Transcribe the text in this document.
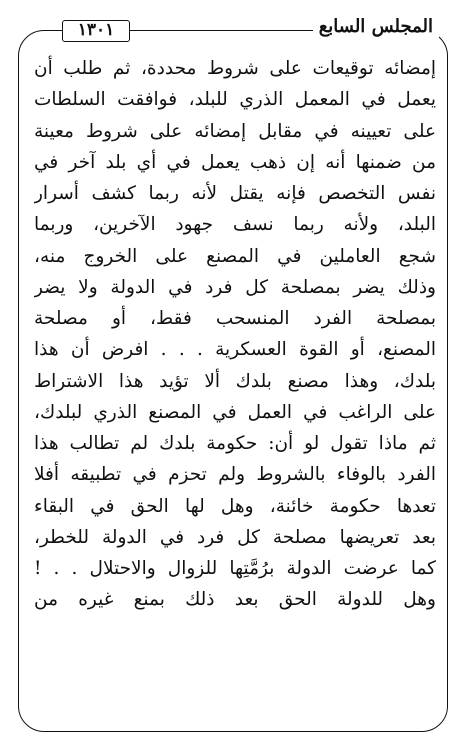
١٣٠١	المجلس السابع
إمضائه توقيعات على شروط محددة، ثم طلب أن
يعمل في المعمل الذري للبلد، فوافقت السلطات
على تعيينه في مقابل إمضائه على شروط معينة
من ضمنها أنه إن ذهب يعمل في أي بلد آخر في
نفس التخصص فإنه يقتل لأنه ربما كشف أسرار
البلد، ولأنه ربما نسف جهود الآخرين، وربما
شجع العاملين في المصنع على الخروج منه،
وذلك يضر بمصلحة كل فرد في الدولة ولا يضر
بمصلحة الفرد المنسحب فقط، أو مصلحة
المصنع، أو القوة العسكرية . . . افرض أن هذا
بلدك، وهذا مصنع بلدك ألا تؤيد هذا الاشتراط
على الراغب في العمل في المصنع الذري لبلدك،
ثم ماذا تقول لو أن: حكومة بلدك لم تطالب هذا
الفرد بالوفاء بالشروط ولم تحزم في تطبيقه أفلا
تعدها حكومة خائنة، وهل لها الحق في البقاء
بعد تعريضها مصلحة كل فرد في الدولة للخطر،
كما عرضت الدولة برُمَّتِها للزوال والاحتلال . . !
وهل للدولة الحق بعد ذلك بمنع غيره من
